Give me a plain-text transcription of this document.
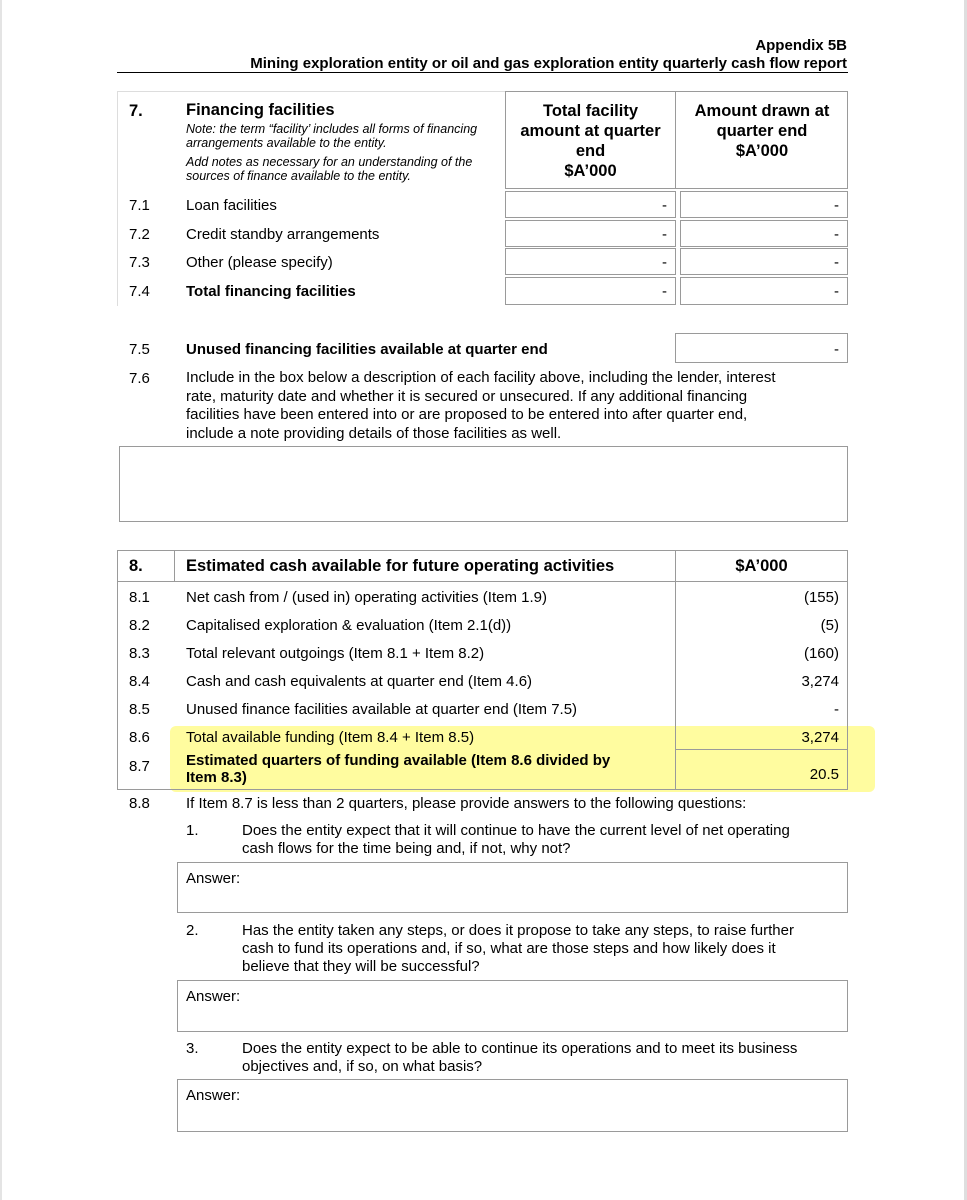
Appendix 5B
Mining exploration entity or oil and gas exploration entity quarterly cash flow report
7.	Financing facilities
Note: the term “facility’ includes all forms of financing
arrangements available to the entity.
Add notes as necessary for an understanding of the
sources of finance available to the entity.
Total facility
amount at quarter
end
$A’000
Amount drawn at
quarter end
$A’000
7.1 Loan facilities	-	-
7.2 Credit standby arrangements	-	-
7.3 Other (please specify)	-	-
7.4 Total financing facilities	-	-
7.5 Unused financing facilities available at quarter end	-
7.6 Include in the box below a description of each facility above, including the lender, interest
rate, maturity date and whether it is secured or unsecured. If any additional financing
facilities have been entered into or are proposed to be entered into after quarter end,
include a note providing details of those facilities as well.
8.	Estimated cash available for future operating activities	$A’000
8.1 Net cash from / (used in) operating activities (Item 1.9)	(155)
8.2 Capitalised exploration & evaluation (Item 2.1(d))	(5)
8.3 Total relevant outgoings (Item 8.1 + Item 8.2)	(160)
8.4 Cash and cash equivalents at quarter end (Item 4.6)	3,274
8.5 Unused finance facilities available at quarter end (Item 7.5)	-
8.6 Total available funding (Item 8.4 + Item 8.5)	3,274
8.7 Estimated quarters of funding available (Item 8.6 divided by
Item 8.3)	20.5
8.8 If Item 8.7 is less than 2 quarters, please provide answers to the following questions:
1.	Does the entity expect that it will continue to have the current level of net operating
cash flows for the time being and, if not, why not?
Answer:
2.	Has the entity taken any steps, or does it propose to take any steps, to raise further
cash to fund its operations and, if so, what are those steps and how likely does it
believe that they will be successful?
Answer:
3.	Does the entity expect to be able to continue its operations and to meet its business
objectives and, if so, on what basis?
Answer:
